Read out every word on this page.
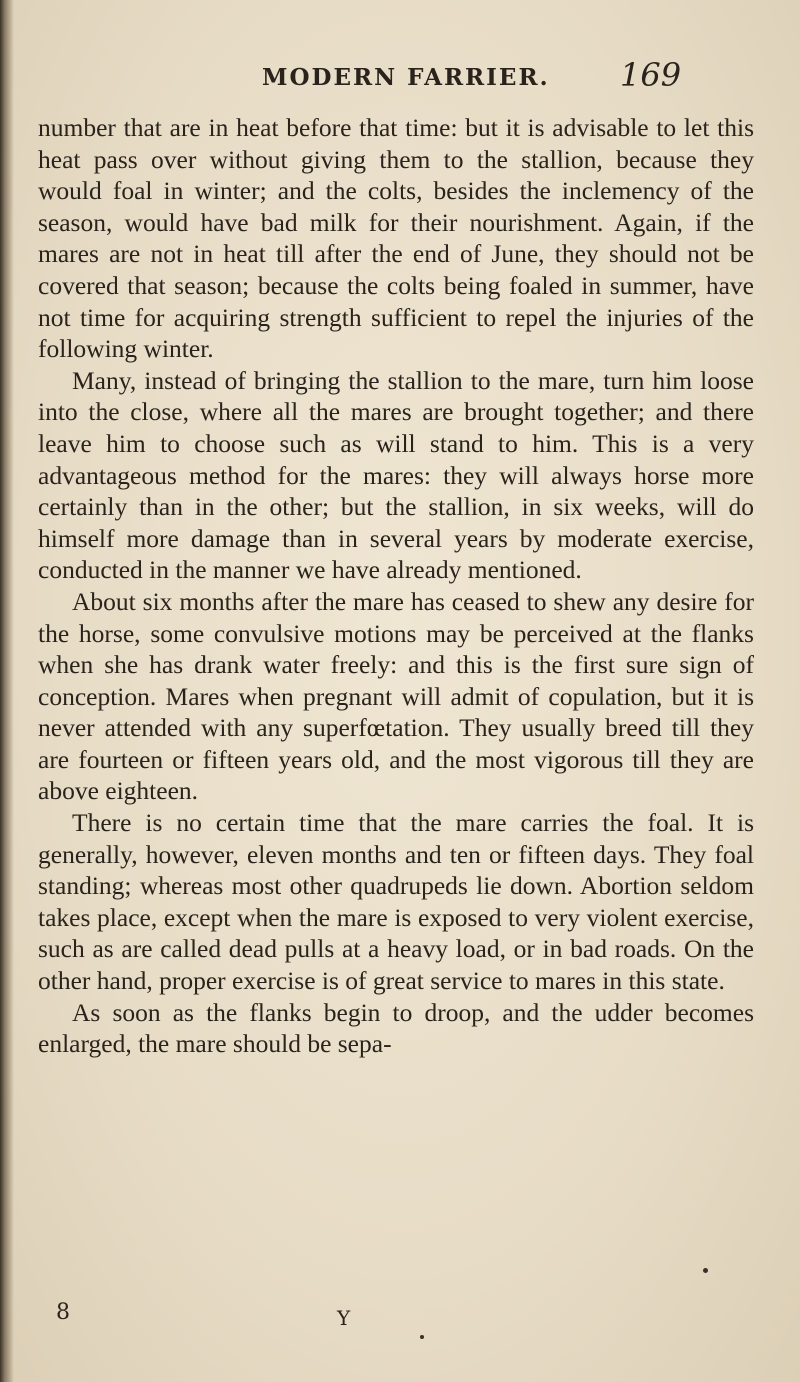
MODERN FARRIER. 169

number that are in heat before that time: but it is advisable to let this heat pass over without giving them to the stallion, because they would foal in winter; and the colts, besides the inclemency of the season, would have bad milk for their nourishment. Again, if the mares are not in heat till after the end of June, they should not be covered that season; because the colts being foaled in summer, have not time for acquiring strength sufficient to repel the injuries of the following winter.

Many, instead of bringing the stallion to the mare, turn him loose into the close, where all the mares are brought together; and there leave him to choose such as will stand to him. This is a very advantageous method for the mares: they will always horse more certainly than in the other; but the stallion, in six weeks, will do himself more damage than in several years by moderate exercise, conducted in the manner we have already mentioned.

About six months after the mare has ceased to shew any desire for the horse, some convulsive motions may be perceived at the flanks when she has drank water freely: and this is the first sure sign of conception. Mares when pregnant will admit of copulation, but it is never attended with any superfœtation. They usually breed till they are fourteen or fifteen years old, and the most vigorous till they are above eighteen.

There is no certain time that the mare carries the foal. It is generally, however, eleven months and ten or fifteen days. They foal standing; whereas most other quadrupeds lie down. Abortion seldom takes place, except when the mare is exposed to very violent exercise, such as are called dead pulls at a heavy load, or in bad roads. On the other hand, proper exercise is of great service to mares in this state.

As soon as the flanks begin to droop, and the udder becomes enlarged, the mare should be sepa-

8	Y
